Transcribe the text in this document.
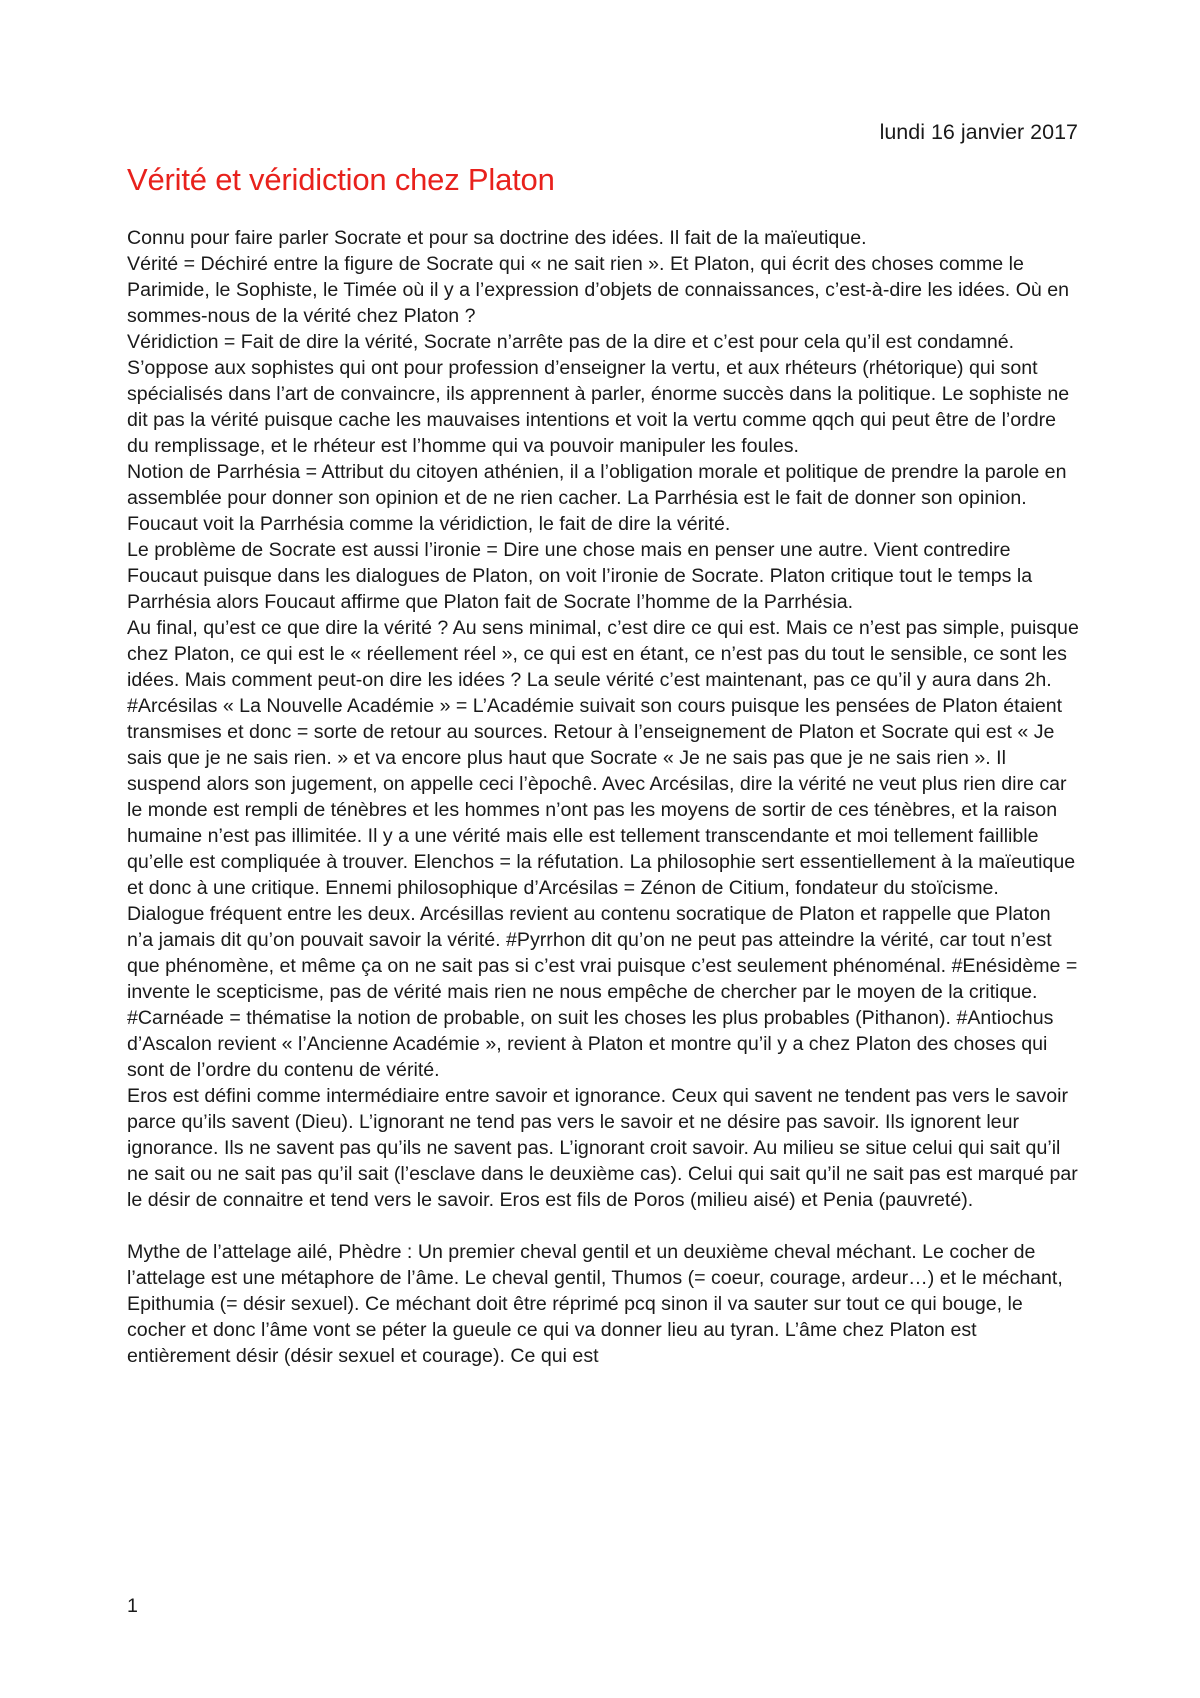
lundi 16 janvier 2017
Vérité et véridiction chez Platon

Connu pour faire parler Socrate et pour sa doctrine des idées. Il fait de la maïeutique.

Vérité = Déchiré entre la figure de Socrate qui « ne sait rien ». Et Platon, qui écrit des choses comme le Parimide, le Sophiste, le Timée où il y a l’expression d’objets de connaissances, c’est-à-dire les idées. Où en sommes-nous de la vérité chez Platon ?

Véridiction = Fait de dire la vérité, Socrate n’arrête pas de la dire et c’est pour cela qu’il est condamné. S’oppose aux sophistes qui ont pour profession d’enseigner la vertu, et aux rhéteurs (rhétorique) qui sont spécialisés dans l’art de convaincre, ils apprennent à parler, énorme succès dans la politique. Le sophiste ne dit pas la vérité puisque cache les mauvaises intentions et voit la vertu comme qqch qui peut être de l’ordre du remplissage, et le rhéteur est l’homme qui va pouvoir manipuler les foules.

Notion de Parrhésia = Attribut du citoyen athénien, il a l’obligation morale et politique de prendre la parole en assemblée pour donner son opinion et de ne rien cacher. La Parrhésia est le fait de donner son opinion. Foucaut voit la Parrhésia comme la véridiction, le fait de dire la vérité.

Le problème de Socrate est aussi l’ironie = Dire une chose mais en penser une autre. Vient contredire Foucaut puisque dans les dialogues de Platon, on voit l’ironie de Socrate. Platon critique tout le temps la Parrhésia alors Foucaut affirme que Platon fait de Socrate l’homme de la Parrhésia.

Au final, qu’est ce que dire la vérité ? Au sens minimal, c’est dire ce qui est. Mais ce n’est pas simple, puisque chez Platon, ce qui est le « réellement réel », ce qui est en étant, ce n’est pas du tout le sensible, ce sont les idées. Mais comment peut-on dire les idées ? La seule vérité c’est maintenant, pas ce qu’il y aura dans 2h.

#Arcésilas « La Nouvelle Académie » = L’Académie suivait son cours puisque les pensées de Platon étaient transmises et donc = sorte de retour au sources. Retour à l’enseignement de Platon et Socrate qui est « Je sais que je ne sais rien. » et va encore plus haut que Socrate « Je ne sais pas que je ne sais rien ». Il suspend alors son jugement, on appelle ceci l’èpochê. Avec Arcésilas, dire la vérité ne veut plus rien dire car le monde est rempli de ténèbres et les hommes n’ont pas les moyens de sortir de ces ténèbres, et la raison humaine n’est pas illimitée. Il y a une vérité mais elle est tellement transcendante et moi tellement faillible qu’elle est compliquée à trouver. Elenchos = la réfutation. La philosophie sert essentiellement à la maïeutique et donc à une critique. Ennemi philosophique d’Arcésilas = Zénon de Citium, fondateur du stoïcisme. Dialogue fréquent entre les deux. Arcésillas revient au contenu socratique de Platon et rappelle que Platon n’a jamais dit qu’on pouvait savoir la vérité. #Pyrrhon dit qu’on ne peut pas atteindre la vérité, car tout n’est que phénomène, et même ça on ne sait pas si c’est vrai puisque c’est seulement phénoménal. #Enésidème = invente le scepticisme, pas de vérité mais rien ne nous empêche de chercher par le moyen de la critique. #Carnéade = thématise la notion de probable, on suit les choses les plus probables (Pithanon). #Antiochus d’Ascalon revient « l’Ancienne Académie », revient à Platon et montre qu’il y a chez Platon des choses qui sont de l’ordre du contenu de vérité.

Eros est défini comme intermédiaire entre savoir et ignorance. Ceux qui savent ne tendent pas vers le savoir parce qu’ils savent (Dieu). L’ignorant ne tend pas vers le savoir et ne désire pas savoir. Ils ignorent leur ignorance. Ils ne savent pas qu’ils ne savent pas. L’ignorant croit savoir. Au milieu se situe celui qui sait qu’il ne sait ou ne sait pas qu’il sait (l’esclave dans le deuxième cas). Celui qui sait qu’il ne sait pas est marqué par le désir de connaitre et tend vers le savoir. Eros est fils de Poros (milieu aisé) et Penia (pauvreté).

Mythe de l’attelage ailé, Phèdre : Un premier cheval gentil et un deuxième cheval méchant. Le cocher de l’attelage est une métaphore de l’âme. Le cheval gentil, Thumos (= coeur, courage, ardeur…) et le méchant, Epithumia (= désir sexuel). Ce méchant doit être réprimé pcq sinon il va sauter sur tout ce qui bouge, le cocher et donc l’âme vont se péter la gueule ce qui va donner lieu au tyran. L’âme chez Platon est entièrement désir (désir sexuel et courage). Ce qui est

1
